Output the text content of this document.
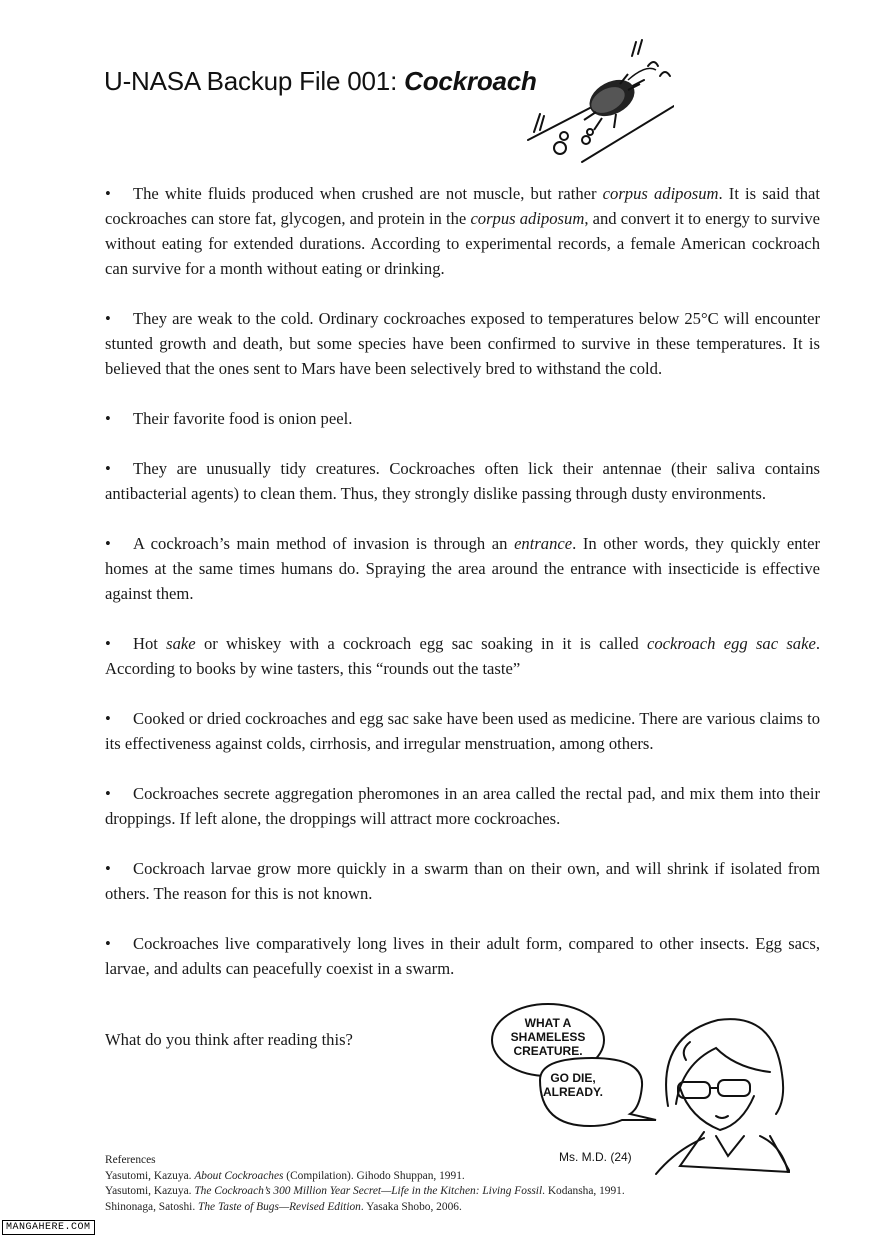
U-NASA Backup File 001: Cockroach
• The white fluids produced when crushed are not muscle, but rather corpus adiposum. It is said that cockroaches can store fat, glycogen, and protein in the corpus adiposum, and convert it to energy to survive without eating for extended durations. According to experimental records, a female American cockroach can survive for a month without eating or drinking.
• They are weak to the cold. Ordinary cockroaches exposed to temperatures below 25°C will encounter stunted growth and death, but some species have been confirmed to survive in these temperatures. It is believed that the ones sent to Mars have been selectively bred to withstand the cold.
• Their favorite food is onion peel.
• They are unusually tidy creatures. Cockroaches often lick their antennae (their saliva contains antibacterial agents) to clean them. Thus, they strongly dislike passing through dusty environments.
• A cockroach’s main method of invasion is through an entrance. In other words, they quickly enter homes at the same times humans do. Spraying the area around the entrance with insecticide is effective against them.
• Hot sake or whiskey with a cockroach egg sac soaking in it is called cockroach egg sac sake. According to books by wine tasters, this “rounds out the taste”
• Cooked or dried cockroaches and egg sac sake have been used as medicine. There are various claims to its effectiveness against colds, cirrhosis, and irregular menstruation, among others.
• Cockroaches secrete aggregation pheromones in an area called the rectal pad, and mix them into their droppings. If left alone, the droppings will attract more cockroaches.
• Cockroach larvae grow more quickly in a swarm than on their own, and will shrink if isolated from others. The reason for this is not known.
• Cockroaches live comparatively long lives in their adult form, compared to other insects. Egg sacs, larvae, and adults can peacefully coexist in a swarm.
What do you think after reading this?
WHAT A SHAMELESS CREATURE.
GO DIE, ALREADY.
Ms. M.D. (24)
References
Yasutomi, Kazuya. About Cockroaches (Compilation). Gihodo Shuppan, 1991.
Yasutomi, Kazuya. The Cockroach’s 300 Million Year Secret—Life in the Kitchen: Living Fossil. Kodansha, 1991.
Shinonaga, Satoshi. The Taste of Bugs—Revised Edition. Yasaka Shobo, 2006.
MANGAHERE.COM
